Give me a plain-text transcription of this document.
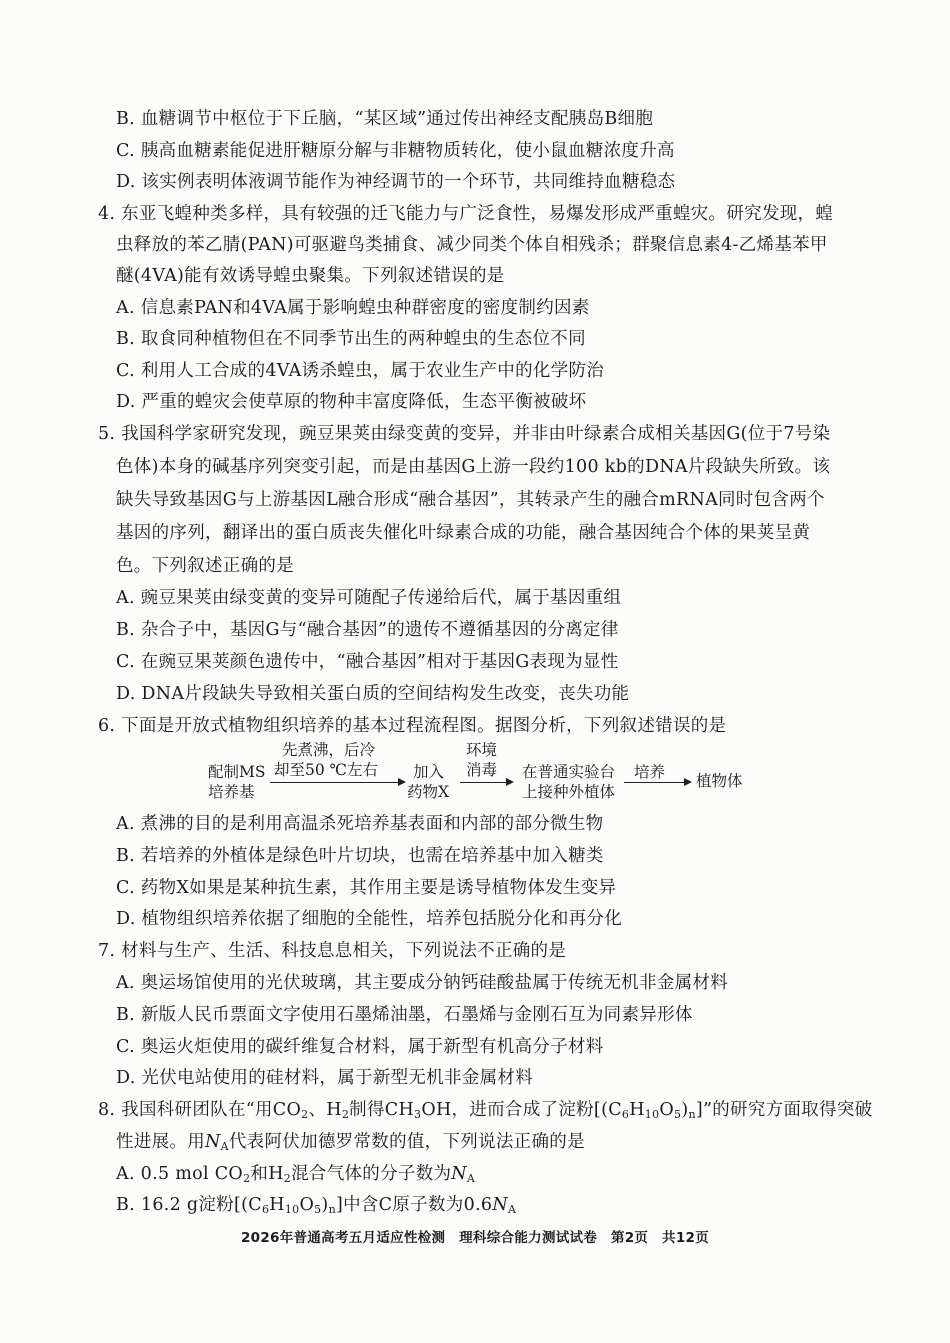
B. 血糖调节中枢位于下丘脑，“某区域”通过传出神经支配胰岛B细胞
C. 胰高血糖素能促进肝糖原分解与非糖物质转化，使小鼠血糖浓度升高
D. 该实例表明体液调节能作为神经调节的一个环节，共同维持血糖稳态
4. 东亚飞蝗种类多样，具有较强的迁飞能力与广泛食性，易爆发形成严重蝗灾。研究发现，蝗
虫释放的苯乙腈(PAN)可驱避鸟类捕食、减少同类个体自相残杀；群聚信息素4-乙烯基苯甲
醚(4VA)能有效诱导蝗虫聚集。下列叙述错误的是
A. 信息素PAN和4VA属于影响蝗虫种群密度的密度制约因素
B. 取食同种植物但在不同季节出生的两种蝗虫的生态位不同
C. 利用人工合成的4VA诱杀蝗虫，属于农业生产中的化学防治
D. 严重的蝗灾会使草原的物种丰富度降低，生态平衡被破坏
5. 我国科学家研究发现，豌豆果荚由绿变黄的变异，并非由叶绿素合成相关基因G(位于7号染
色体)本身的碱基序列突变引起，而是由基因G上游一段约100 kb的DNA片段缺失所致。该
缺失导致基因G与上游基因L融合形成“融合基因”，其转录产生的融合mRNA同时包含两个
基因的序列，翻译出的蛋白质丧失催化叶绿素合成的功能，融合基因纯合个体的果荚呈黄
色。下列叙述正确的是
A. 豌豆果荚由绿变黄的变异可随配子传递给后代，属于基因重组
B. 杂合子中，基因G与“融合基因”的遗传不遵循基因的分离定律
C. 在豌豆果荚颜色遗传中，“融合基因”相对于基因G表现为显性
D. DNA片段缺失导致相关蛋白质的空间结构发生改变，丧失功能
6. 下面是开放式植物组织培养的基本过程流程图。据图分析，下列叙述错误的是
配制MS
培养基
先煮沸，后冷
却至50 ℃左右 加入
药物X
环境
消毒 在普通实验台
上接种外植体
培养 植物体
A. 煮沸的目的是利用高温杀死培养基表面和内部的部分微生物
B. 若培养的外植体是绿色叶片切块，也需在培养基中加入糖类
C. 药物X如果是某种抗生素，其作用主要是诱导植物体发生变异
D. 植物组织培养依据了细胞的全能性，培养包括脱分化和再分化
7. 材料与生产、生活、科技息息相关，下列说法不正确的是
A. 奥运场馆使用的光伏玻璃，其主要成分钠钙硅酸盐属于传统无机非金属材料
B. 新版人民币票面文字使用石墨烯油墨，石墨烯与金刚石互为同素异形体
C. 奥运火炬使用的碳纤维复合材料，属于新型有机高分子材料
D. 光伏电站使用的硅材料，属于新型无机非金属材料
8. 我国科研团队在“用$CO_2$、$H_2$制得$CH_3OH$，进而合成了淀粉$[(C_6H_{10}O_5)_n]$”的研究方面取得突破
性进展。用$N_A$代表阿伏加德罗常数的值，下列说法正确的是
A. 0.5 mol $CO_2$和$H_2$混合气体的分子数为$N_A$
B. 16.2 g淀粉$[(C_6H_{10}O_5)_n]$中含C原子数为$0.6N_A$
2026年普通高考五月适应性检测　理科综合能力测试试卷　第2页　共12页
